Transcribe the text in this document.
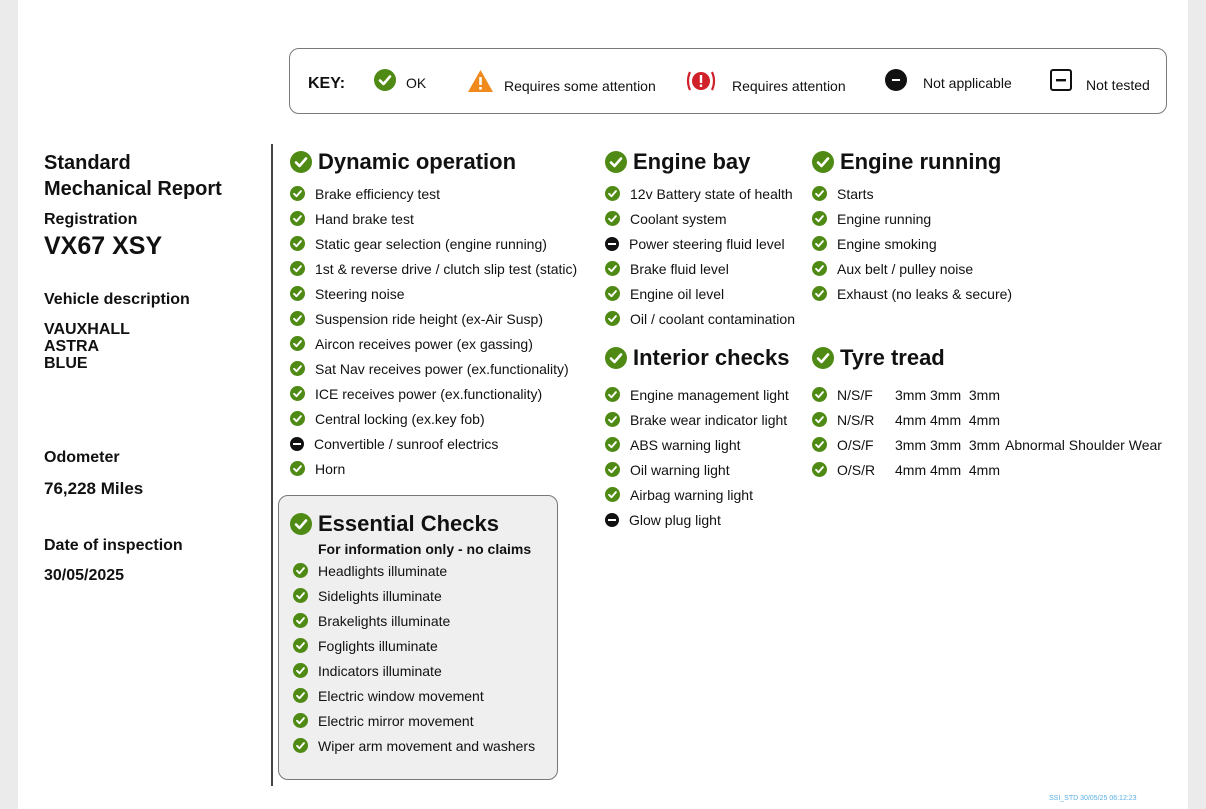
KEY:	OK	Requires some attention	Requires attention	Not applicable	Not tested
Standard
Mechanical Report
Registration
VX67 XSY
Vehicle description
VAUXHALL
ASTRA
BLUE
Odometer
76,228 Miles
Date of inspection
30/05/2025
Dynamic operation
Brake efficiency test
Hand brake test
Static gear selection (engine running)
1st & reverse drive / clutch slip test (static)
Steering noise
Suspension ride height (ex-Air Susp)
Aircon receives power (ex gassing)
Sat Nav receives power (ex.functionality)
ICE receives power (ex.functionality)
Central locking (ex.key fob)
Convertible / sunroof electrics
Horn
Essential Checks
For information only - no claims
Headlights illuminate
Sidelights illuminate
Brakelights illuminate
Foglights illuminate
Indicators illuminate
Electric window movement
Electric mirror movement
Wiper arm movement and washers
Engine bay
12v Battery state of health
Coolant system
Power steering fluid level
Brake fluid level
Engine oil level
Oil / coolant contamination
Interior checks
Engine management light
Brake wear indicator light
ABS warning light
Oil warning light
Airbag warning light
Glow plug light
Engine running
Starts
Engine running
Engine smoking
Aux belt / pulley noise
Exhaust (no leaks & secure)
Tyre tread
N/S/F	3mm 3mm  3mm
N/S/R	4mm 4mm  4mm
O/S/F	3mm 3mm  3mm Abnormal Shoulder Wear
O/S/R	4mm 4mm  4mm
SSI_STD 30/05/25 06:12:23
